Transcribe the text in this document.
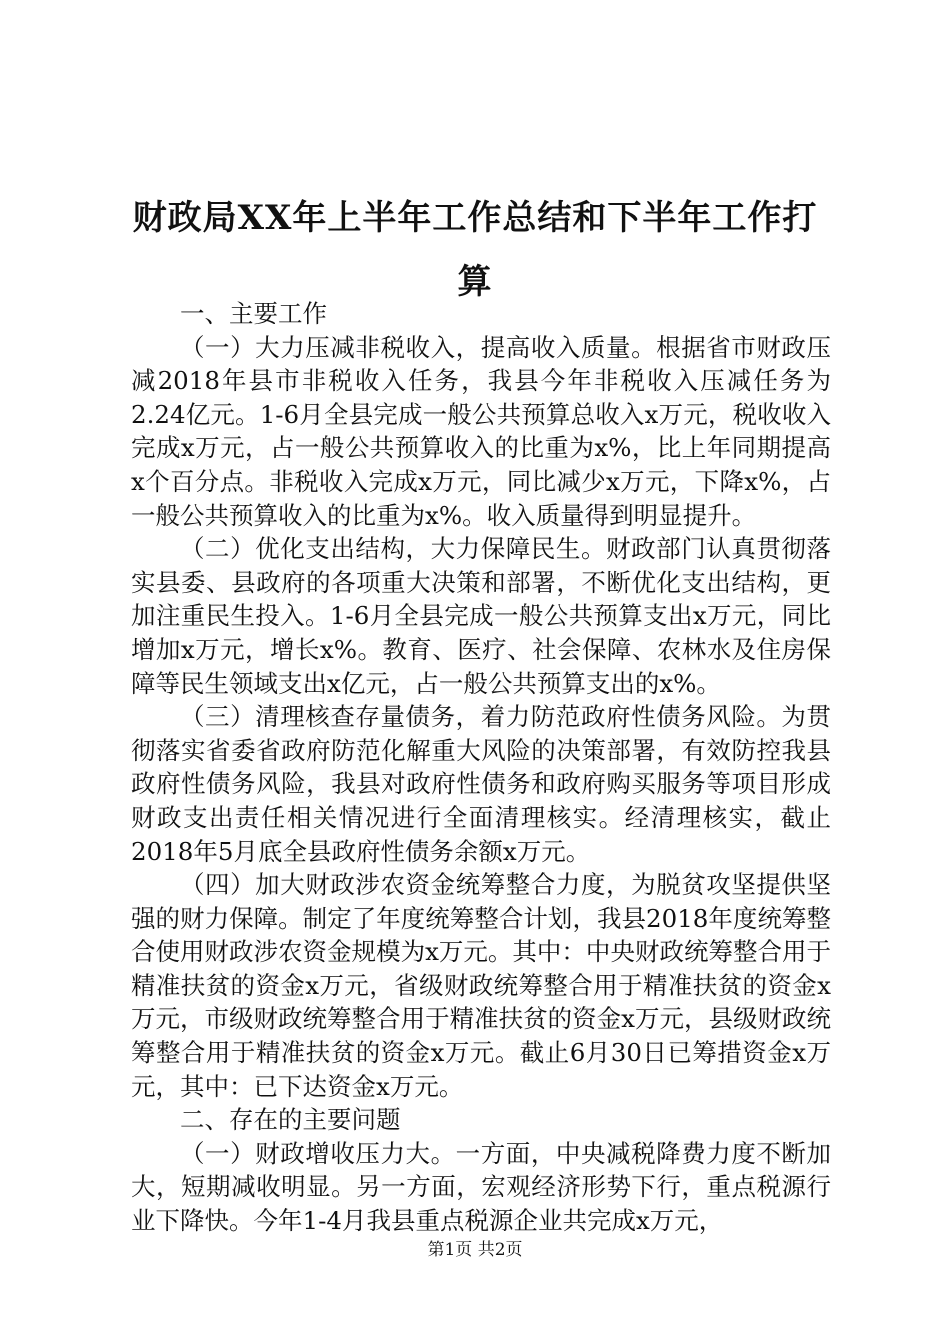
财政局XX年上半年工作总结和下半年工作打算

一、主要工作

（一）大力压减非税收入，提高收入质量。根据省市财政压减2018年县市非税收入任务，我县今年非税收入压减任务为2.24亿元。1-6月全县完成一般公共预算总收入x万元，税收收入完成x万元，占一般公共预算收入的比重为x%，比上年同期提高x个百分点。非税收入完成x万元，同比减少x万元，下降x%，占一般公共预算收入的比重为x%。收入质量得到明显提升。

（二）优化支出结构，大力保障民生。财政部门认真贯彻落实县委、县政府的各项重大决策和部署，不断优化支出结构，更加注重民生投入。1-6月全县完成一般公共预算支出x万元，同比增加x万元，增长x%。教育、医疗、社会保障、农林水及住房保障等民生领域支出x亿元，占一般公共预算支出的x%。

（三）清理核查存量债务，着力防范政府性债务风险。为贯彻落实省委省政府防范化解重大风险的决策部署，有效防控我县政府性债务风险，我县对政府性债务和政府购买服务等项目形成财政支出责任相关情况进行全面清理核实。经清理核实，截止2018年5月底全县政府性债务余额x万元。

（四）加大财政涉农资金统筹整合力度，为脱贫攻坚提供坚强的财力保障。制定了年度统筹整合计划，我县2018年度统筹整合使用财政涉农资金规模为x万元。其中：中央财政统筹整合用于精准扶贫的资金x万元，省级财政统筹整合用于精准扶贫的资金x万元，市级财政统筹整合用于精准扶贫的资金x万元，县级财政统筹整合用于精准扶贫的资金x万元。截止6月30日已筹措资金x万元，其中：已下达资金x万元。

二、存在的主要问题

（一）财政增收压力大。一方面，中央减税降费力度不断加大，短期减收明显。另一方面，宏观经济形势下行，重点税源行业下降快。今年1-4月我县重点税源企业共完成x万元，

第1页 共2页
